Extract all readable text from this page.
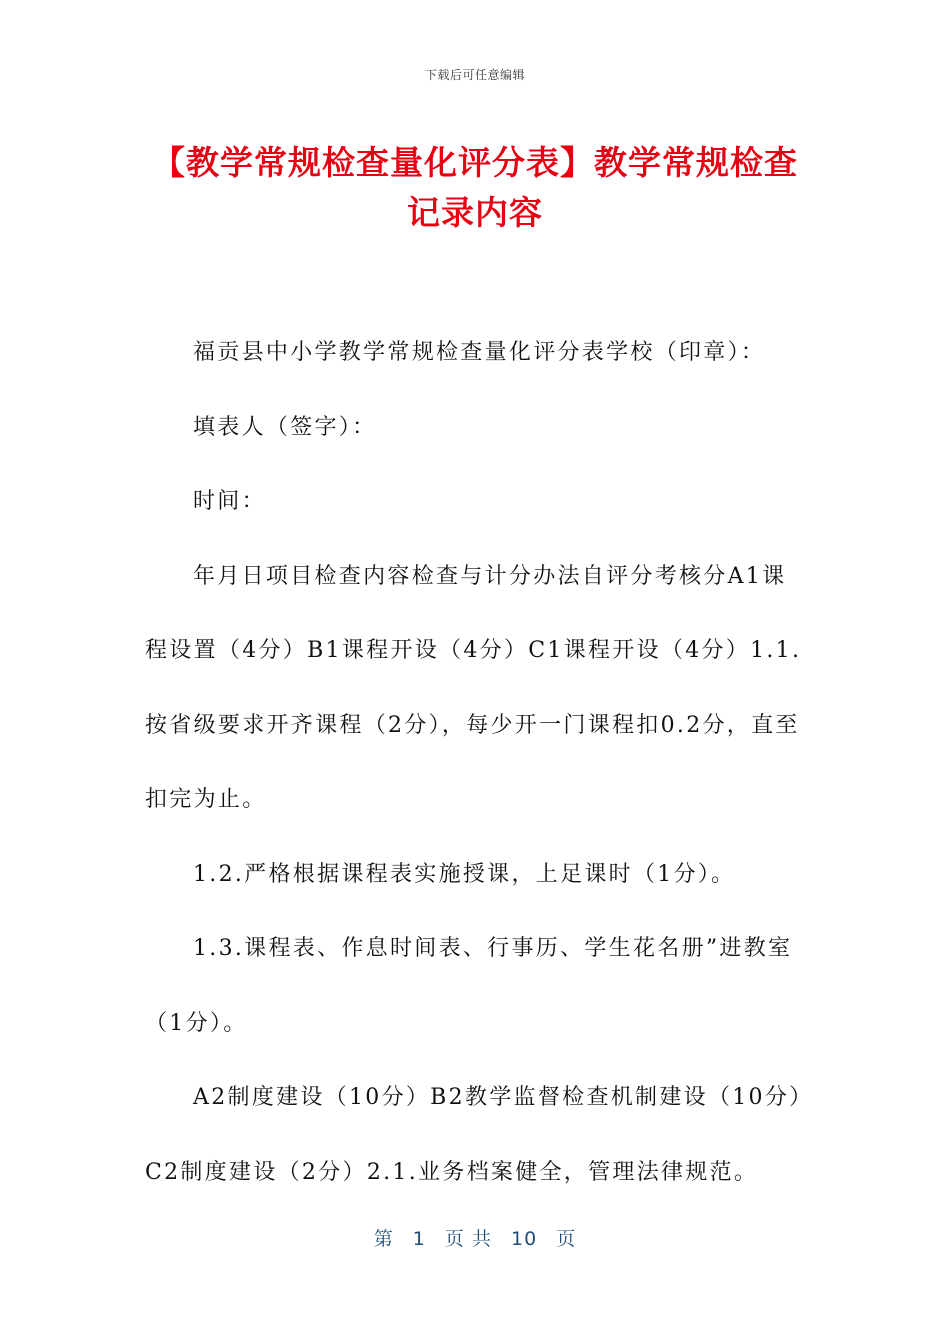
下载后可任意编辑
【教学常规检查量化评分表】教学常规检查记录内容

福贡县中小学教学常规检查量化评分表学校（印章）：

填表人（签字）：

时间：

年月日项目检查内容检查与计分办法自评分考核分A1课程设置（4分）B1课程开设（4分）C1课程开设（4分）1.1.按省级要求开齐课程（2分），每少开一门课程扣0.2分，直至扣完为止。

1.2.严格根据课程表实施授课，上足课时（1分）。

1.3.课程表、作息时间表、行事历、学生花名册”进教室（1分）。

A2制度建设（10分）B2教学监督检查机制建设（10分）C2制度建设（2分）2.1.业务档案健全，管理法律规范。

第 1 页 共 10 页
